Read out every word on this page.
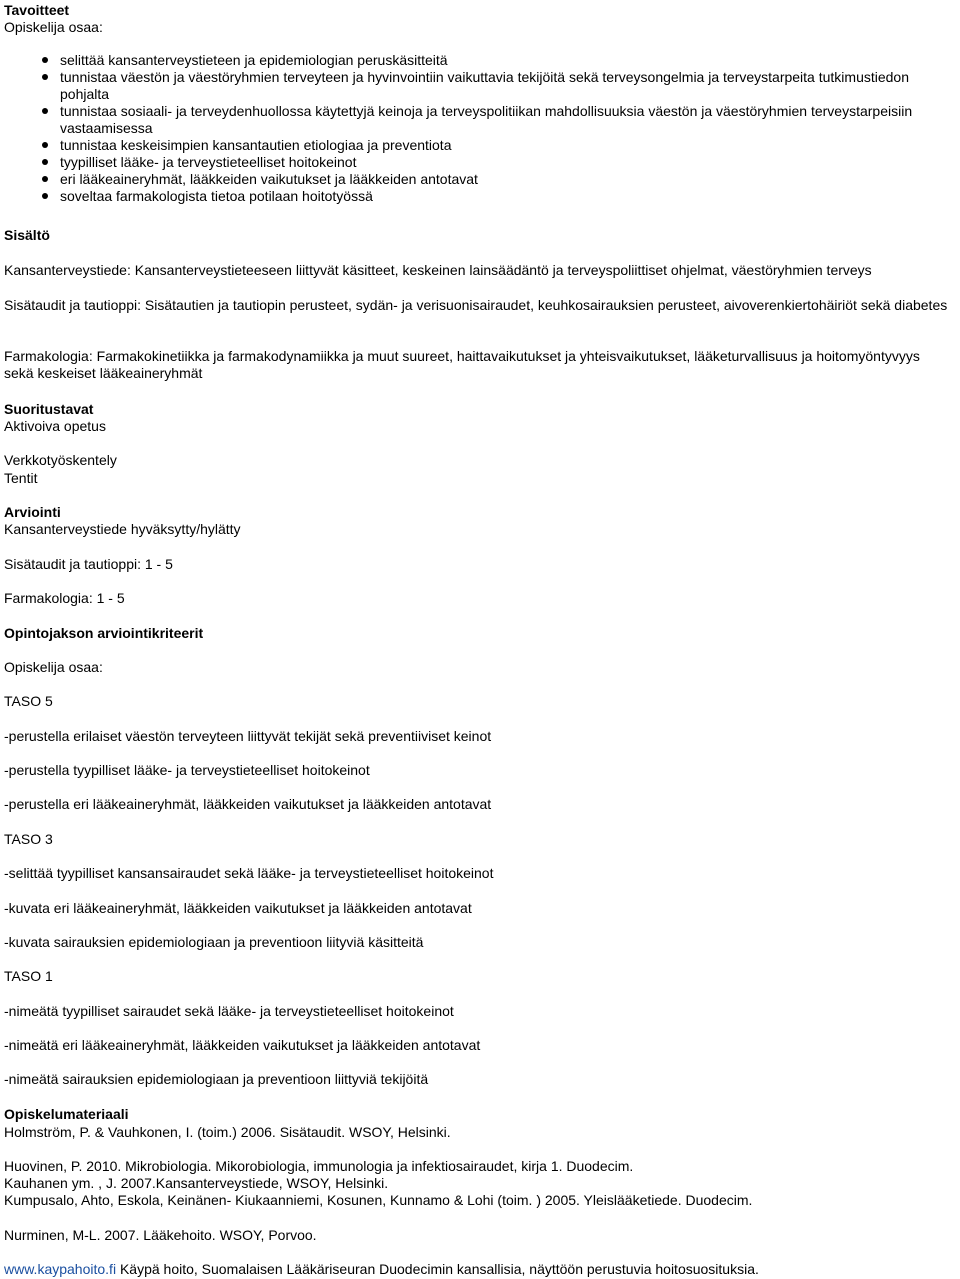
Tavoitteet
Opiskelija osaa:
selittää kansanterveystieteen ja epidemiologian peruskäsitteitä
tunnistaa väestön ja väestöryhmien terveyteen ja hyvinvointiin vaikuttavia tekijöitä sekä terveysongelmia ja terveystarpeita tutkimustiedon pohjalta
tunnistaa sosiaali- ja terveydenhuollossa käytettyjä keinoja ja terveyspolitiikan mahdollisuuksia väestön ja väestöryhmien terveystarpeisiin vastaamisessa
tunnistaa keskeisimpien kansantautien etiologiaa ja preventiota
tyypilliset lääke- ja terveystieteelliset hoitokeinot
eri lääkeaineryhmät, lääkkeiden vaikutukset ja lääkkeiden antotavat
soveltaa farmakologista tietoa potilaan hoitotyössä
Sisältö
Kansanterveystiede: Kansanterveystieteeseen liittyvät käsitteet, keskeinen lainsäädäntö ja terveyspoliittiset ohjelmat, väestöryhmien terveys
Sisätaudit ja tautioppi: Sisätautien ja tautiopin perusteet, sydän- ja verisuonisairaudet, keuhkosairauksien perusteet, aivoverenkiertohäiriöt sekä diabetes
Farmakologia: Farmakokinetiikka ja farmakodynamiikka ja muut suureet, haittavaikutukset ja yhteisvaikutukset, lääketurvallisuus ja hoitomyöntyvyys sekä keskeiset lääkeaineryhmät
Suoritustavat
Aktivoiva opetus
Verkkotyöskentely
Tentit
Arviointi
Kansanterveystiede hyväksytty/hylätty
Sisätaudit ja tautioppi: 1 - 5
Farmakologia: 1 - 5
Opintojakson arviointikriteerit
Opiskelija osaa:
TASO 5
-perustella erilaiset väestön terveyteen liittyvät tekijät sekä preventiiviset keinot
-perustella tyypilliset lääke- ja terveystieteelliset hoitokeinot
-perustella eri lääkeaineryhmät, lääkkeiden vaikutukset ja lääkkeiden antotavat
TASO 3
-selittää tyypilliset kansansairaudet sekä lääke- ja terveystieteelliset hoitokeinot
-kuvata eri lääkeaineryhmät, lääkkeiden vaikutukset ja lääkkeiden antotavat
-kuvata sairauksien epidemiologiaan ja preventioon liityviä käsitteitä
TASO 1
-nimeätä tyypilliset sairaudet sekä lääke- ja terveystieteelliset hoitokeinot
-nimeätä eri lääkeaineryhmät, lääkkeiden vaikutukset ja lääkkeiden antotavat
-nimeätä sairauksien epidemiologiaan ja preventioon liittyviä tekijöitä
Opiskelumateriaali
Holmström, P. & Vauhkonen, I. (toim.) 2006. Sisätaudit. WSOY, Helsinki.
Huovinen, P. 2010. Mikrobiologia. Mikorobiologia, immunologia ja infektiosairaudet, kirja 1. Duodecim.
Kauhanen ym. , J. 2007.Kansanterveystiede, WSOY, Helsinki.
Kumpusalo, Ahto, Eskola, Keinänen- Kiukaanniemi, Kosunen, Kunnamo & Lohi (toim. ) 2005. Yleislääketiede. Duodecim.
Nurminen, M-L. 2007. Lääkehoito. WSOY, Porvoo.
www.kaypahoito.fi Käypä hoito, Suomalaisen Lääkäriseuran Duodecimin kansallisia, näyttöön perustuvia hoitosuosituksia.
